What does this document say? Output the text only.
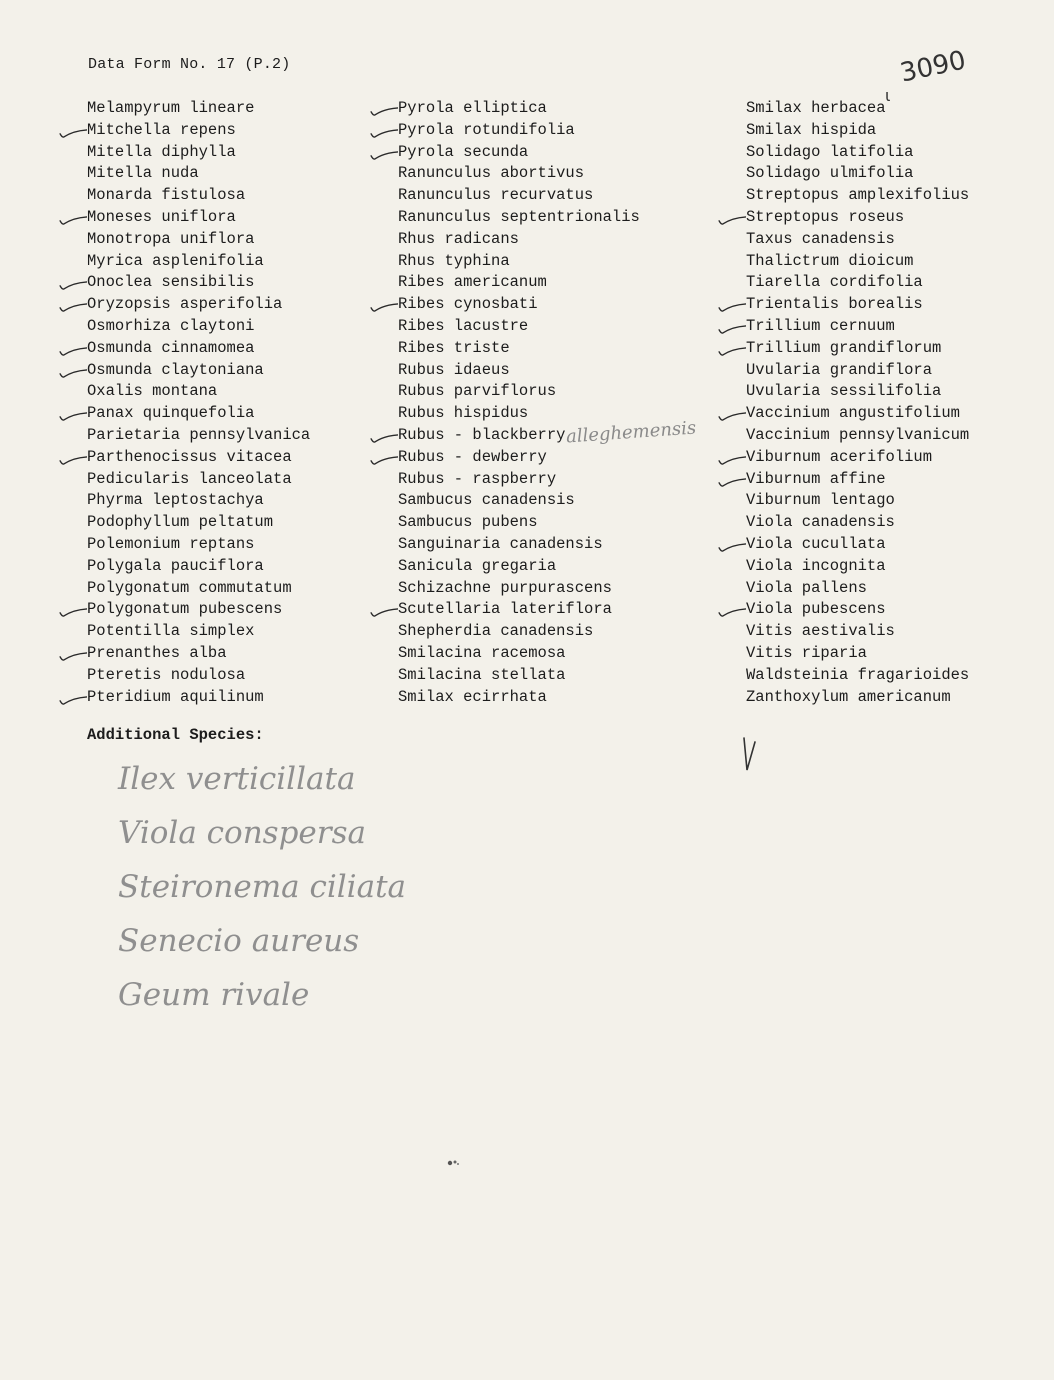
Data Form No. 17 (P.2)	3090
ι
Melampyrum lineare
Mitchella repens
Mitella diphylla
Mitella nuda
Monarda fistulosa
Moneses uniflora
Monotropa uniflora
Myrica asplenifolia
Onoclea sensibilis
Oryzopsis asperifolia
Osmorhiza claytoni
Osmunda cinnamomea
Osmunda claytoniana
Oxalis montana
Panax quinquefolia
Parietaria pennsylvanica
Parthenocissus vitacea
Pedicularis lanceolata
Phyrma leptostachya
Podophyllum peltatum
Polemonium reptans
Polygala pauciflora
Polygonatum commutatum
Polygonatum pubescens
Potentilla simplex
Prenanthes alba
Pteretis nodulosa
Pteridium aquilinum
Pyrola elliptica
Pyrola rotundifolia
Pyrola secunda
Ranunculus abortivus
Ranunculus recurvatus
Ranunculus septentrionalis
Rhus radicans
Rhus typhina
Ribes americanum
Ribes cynosbati
Ribes lacustre
Ribes triste
Rubus idaeus
Rubus parviflorus
Rubus hispidus
Rubus - blackberry
Rubus - dewberry
Rubus - raspberry
Sambucus canadensis
Sambucus pubens
Sanguinaria canadensis
Sanicula gregaria
Schizachne purpurascens
Scutellaria lateriflora
Shepherdia canadensis
Smilacina racemosa
Smilacina stellata
Smilax ecirrhata
Smilax herbacea
Smilax hispida
Solidago latifolia
Solidago ulmifolia
Streptopus amplexifolius
Streptopus roseus
Taxus canadensis
Thalictrum dioicum
Tiarella cordifolia
Trientalis borealis
Trillium cernuum
Trillium grandiflorum
Uvularia grandiflora
Uvularia sessilifolia
Vaccinium angustifolium
Vaccinium pennsylvanicum
Viburnum acerifolium
Viburnum affine
Viburnum lentago
Viola canadensis
Viola cucullata
Viola incognita
Viola pallens
Viola pubescens
Vitis aestivalis
Vitis riparia
Waldsteinia fragarioides
Zanthoxylum americanum
alleghemensis
Additional Species:
Ilex verticillata
Viola conspersa
Steironema ciliata
Senecio aureus
Geum rivale
